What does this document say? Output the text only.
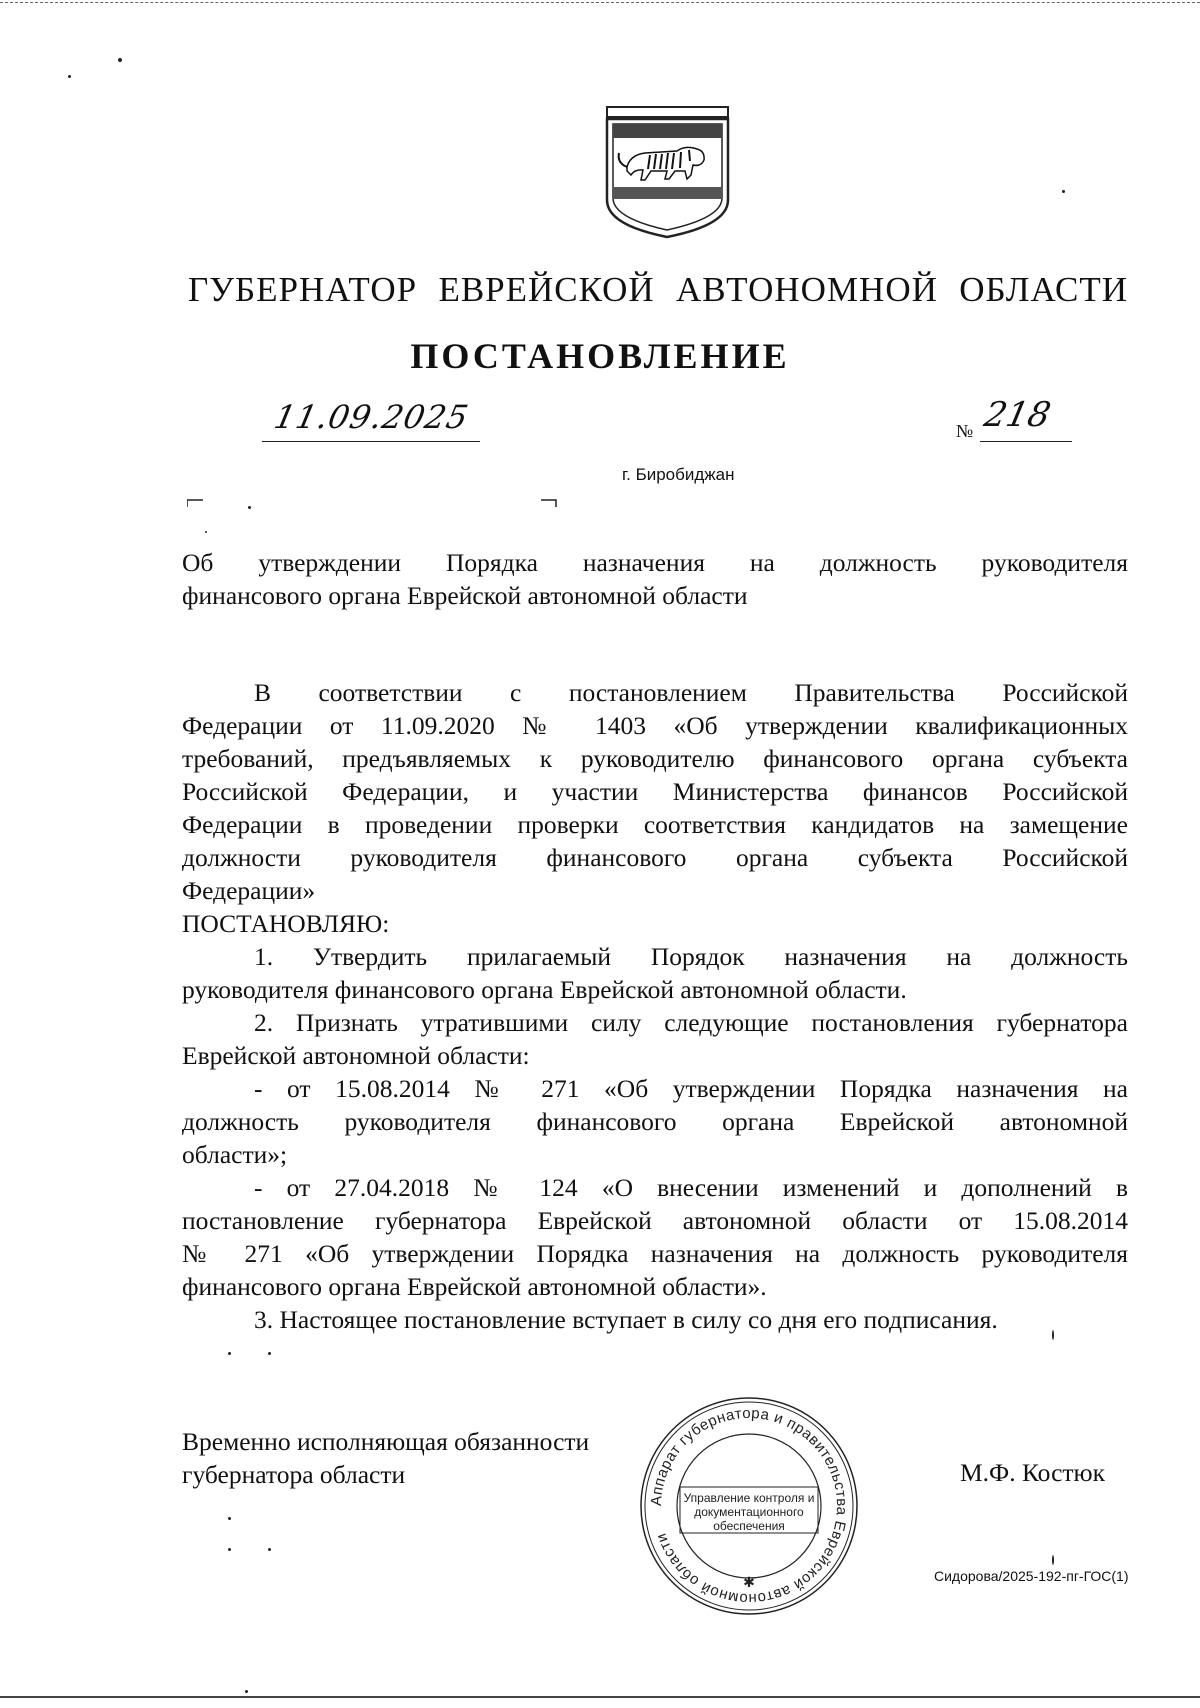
ГУБЕРНАТОР ЕВРЕЙСКОЙ АВТОНОМНОЙ ОБЛАСТИ
ПОСТАНОВЛЕНИЕ
11.09.2025	№ 218
г. Биробиджан
Об утверждении Порядка назначения на должность руководителя
финансового органа Еврейской автономной области
В соответствии с постановлением Правительства Российской
Федерации от 11.09.2020 № 1403 «Об утверждении квалификационных
требований, предъявляемых к руководителю финансового органа субъекта
Российской Федерации, и участии Министерства финансов Российской
Федерации в проведении проверки соответствия кандидатов на замещение
должности руководителя финансового органа субъекта Российской
Федерации»
ПОСТАНОВЛЯЮ:
1. Утвердить прилагаемый Порядок назначения на должность
руководителя финансового органа Еврейской автономной области.
2. Признать утратившими силу следующие постановления губернатора
Еврейской автономной области:
- от 15.08.2014 № 271 «Об утверждении Порядка назначения на
должность руководителя финансового органа Еврейской автономной
области»;
- от 27.04.2018 № 124 «О внесении изменений и дополнений в
постановление губернатора Еврейской автономной области от 15.08.2014
№ 271 «Об утверждении Порядка назначения на должность руководителя
финансового органа Еврейской автономной области».
3. Настоящее постановление вступает в силу со дня его подписания.
Временно исполняющая обязанности
губернатора области	М.Ф. Костюк
Аппарат губернатора и правительства Еврейской автономной области
✱
Управление контроля и
документационного
обеспечения
Сидорова/2025-192-пг-ГОС(1)
